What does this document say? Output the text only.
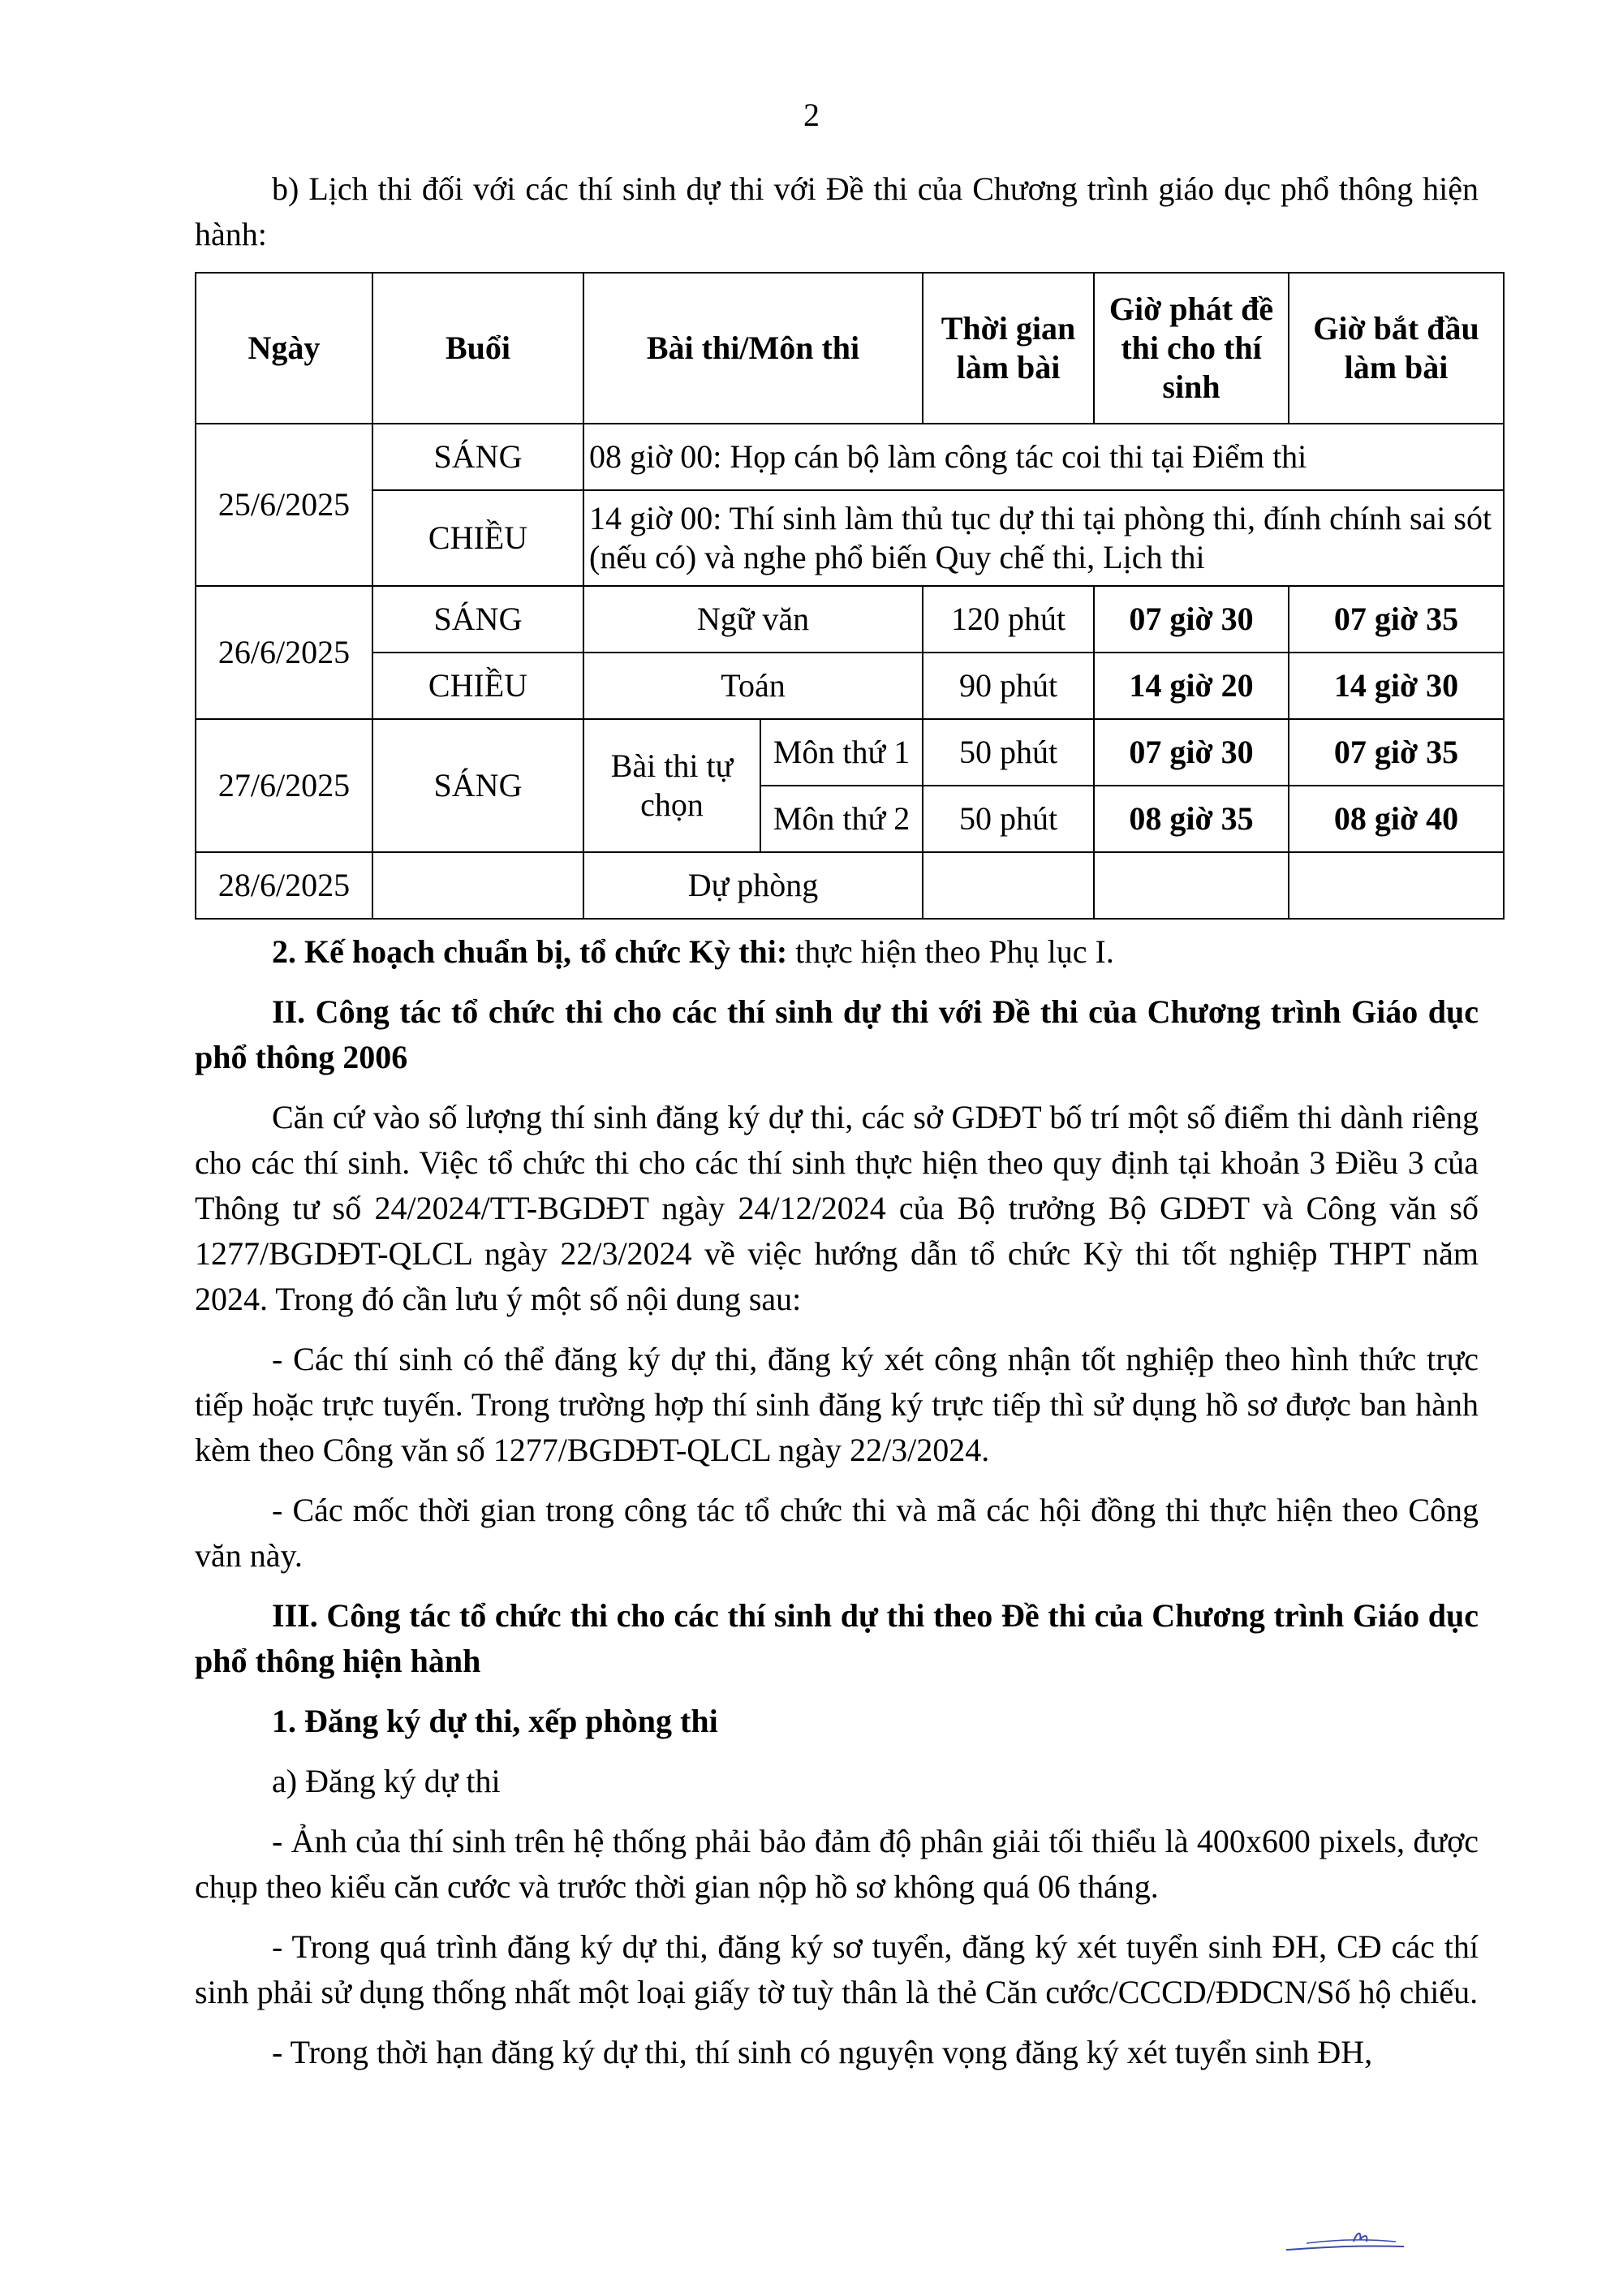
2

b) Lịch thi đối với các thí sinh dự thi với Đề thi của Chương trình giáo dục phổ thông hiện hành:

Ngày	Buổi	Bài thi/Môn thi		Thời gian làm bài	Giờ phát đề thi cho thí sinh	Giờ bắt đầu làm bài
25/6/2025	SÁNG	08 giờ 00: Họp cán bộ làm công tác coi thi tại Điểm thi				
	CHIỀU	14 giờ 00: Thí sinh làm thủ tục dự thi tại phòng thi, đính chính sai sót (nếu có) và nghe phổ biến Quy chế thi, Lịch thi				
26/6/2025	SÁNG	Ngữ văn		120 phút	07 giờ 30	07 giờ 35
	CHIỀU	Toán		90 phút	14 giờ 20	14 giờ 30
27/6/2025	SÁNG	Bài thi tự chọn	Môn thứ 1	50 phút	07 giờ 30	07 giờ 35
			Môn thứ 2	50 phút	08 giờ 35	08 giờ 40
28/6/2025		Dự phòng				

2. Kế hoạch chuẩn bị, tổ chức Kỳ thi: thực hiện theo Phụ lục I.

II. Công tác tổ chức thi cho các thí sinh dự thi với Đề thi của Chương trình Giáo dục phổ thông 2006

Căn cứ vào số lượng thí sinh đăng ký dự thi, các sở GDĐT bố trí một số điểm thi dành riêng cho các thí sinh. Việc tổ chức thi cho các thí sinh thực hiện theo quy định tại khoản 3 Điều 3 của Thông tư số 24/2024/TT-BGDĐT ngày 24/12/2024 của Bộ trưởng Bộ GDĐT và Công văn số 1277/BGDĐT-QLCL ngày 22/3/2024 về việc hướng dẫn tổ chức Kỳ thi tốt nghiệp THPT năm 2024. Trong đó cần lưu ý một số nội dung sau:

- Các thí sinh có thể đăng ký dự thi, đăng ký xét công nhận tốt nghiệp theo hình thức trực tiếp hoặc trực tuyến. Trong trường hợp thí sinh đăng ký trực tiếp thì sử dụng hồ sơ được ban hành kèm theo Công văn số 1277/BGDĐT-QLCL ngày 22/3/2024.

- Các mốc thời gian trong công tác tổ chức thi và mã các hội đồng thi thực hiện theo Công văn này.

III. Công tác tổ chức thi cho các thí sinh dự thi theo Đề thi của Chương trình Giáo dục phổ thông hiện hành

1. Đăng ký dự thi, xếp phòng thi

a) Đăng ký dự thi

- Ảnh của thí sinh trên hệ thống phải bảo đảm độ phân giải tối thiểu là 400x600 pixels, được chụp theo kiểu căn cước và trước thời gian nộp hồ sơ không quá 06 tháng.

- Trong quá trình đăng ký dự thi, đăng ký sơ tuyển, đăng ký xét tuyển sinh ĐH, CĐ các thí sinh phải sử dụng thống nhất một loại giấy tờ tuỳ thân là thẻ Căn cước/CCCD/ĐDCN/Số hộ chiếu.

- Trong thời hạn đăng ký dự thi, thí sinh có nguyện vọng đăng ký xét tuyển sinh ĐH,
